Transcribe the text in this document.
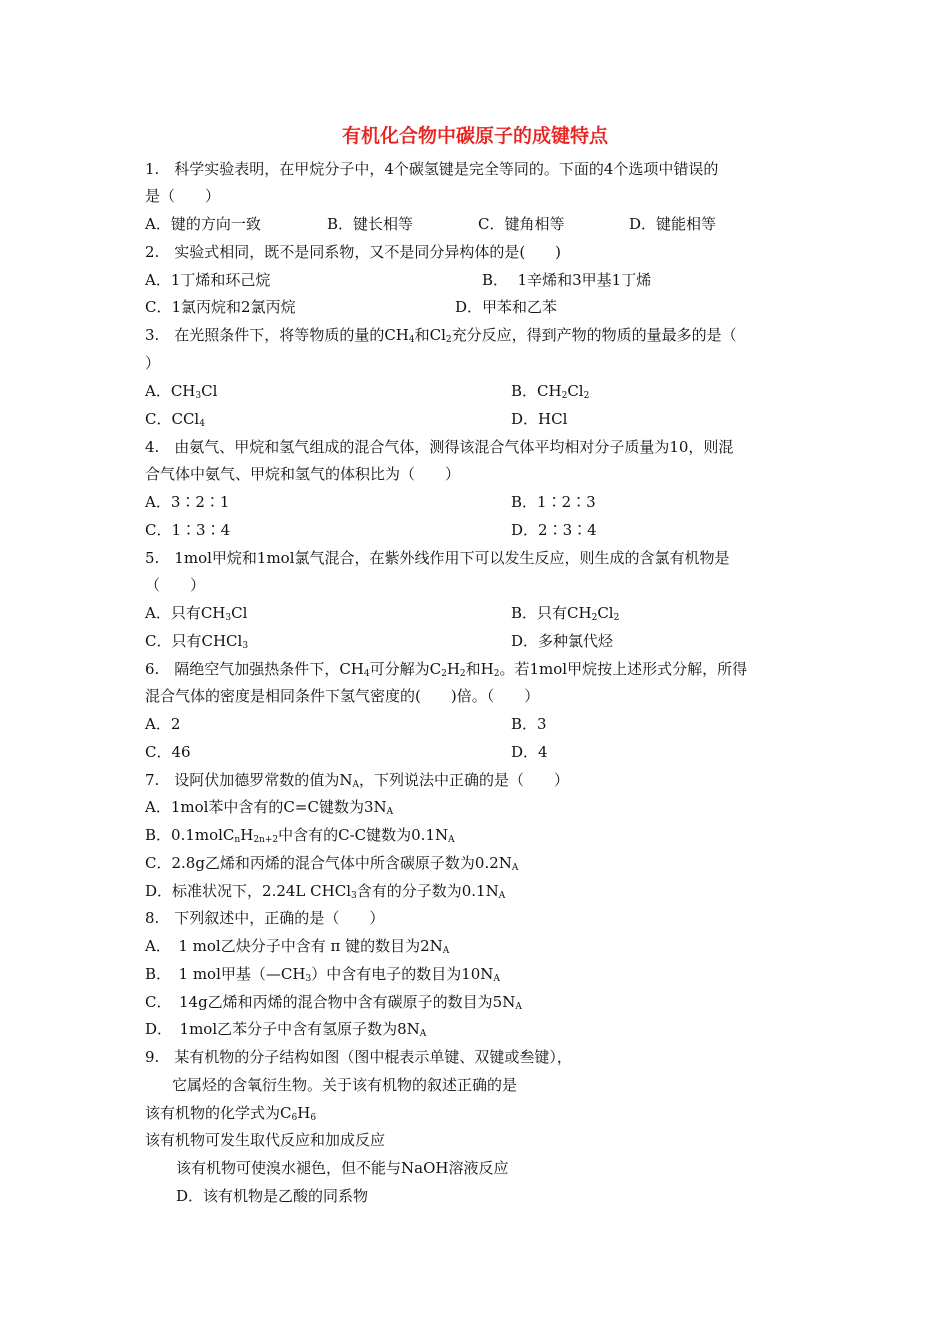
有机化合物中碳原子的成键特点
1.　科学实验表明，在甲烷分子中，4个碳氢键是完全等同的。下面的4个选项中错误的
是（　　）
A．键的方向一致	B．键长相等	C．键角相等	D．键能相等
2.　实验式相同，既不是同系物，又不是同分异构体的是(　　)
A．1丁烯和环己烷	B．  1辛烯和3甲基1丁烯
C．1氯丙烷和2氯丙烷	D．甲苯和乙苯
3.　在光照条件下，将等物质的量的$CH_4$和$Cl_2$充分反应，得到产物的物质的量最多的是（
）
A．$CH_3Cl$	B．$CH_2Cl_2$
C．CCl$_4$	D．HCl
4.　由氨气、甲烷和氢气组成的混合气体，测得该混合气体平均相对分子质量为10，则混
合气体中氨气、甲烷和氢气的体积比为（　　）
A．3∶2∶1	B．1∶2∶3
C．1∶3∶4	D．2∶3∶4
5.　1mol甲烷和1mol氯气混合，在紫外线作用下可以发生反应，则生成的含氯有机物是
（　　）
A．只有$CH_3Cl$	B．只有$CH_2Cl_2$
C．只有CHCl$_3$	D．多种氯代烃
6.　隔绝空气加强热条件下，$CH_4$可分解为$C_2H_2$和$H_2$。若1mol甲烷按上述形式分解，所得
混合气体的密度是相同条件下氢气密度的(　　)倍。（　　）
A．2	B．3
C．46	D．4
7.　设阿伏加德罗常数的值为$N_A$，下列说法中正确的是（　　）
A．1mol苯中含有的C=C键数为$3N_A$
B．$0.1molC_nH_{2n+2}$中含有的C-C键数为$0.1N_A$
C．2.8g乙烯和丙烯的混合气体中所含碳原子数为$0.2N_A$
D．标准状况下，2.24L CHCl$_3$含有的分子数为$0.1N_A$
8.　下列叙述中，正确的是（　　）
A．　1 mol乙炔分子中含有 π 键的数目为$2N_A$
B．　1 mol甲基$(—CH_3)$中含有电子的数目为$10N_A$
C．　14g乙烯和丙烯的混合物中含有碳原子的数目为$5N_A$
D．　1mol乙苯分子中含有氢原子数为$8N_A$
9.　某有机物的分子结构如图（图中棍表示单键、双键或叁键），
它属烃的含氧衍生物。关于该有机物的叙述正确的是
该有机物的化学式为$C_6H_6$
该有机物可发生取代反应和加成反应
该有机物可使溴水褪色，但不能与NaOH溶液反应
D．该有机物是乙酸的同系物
